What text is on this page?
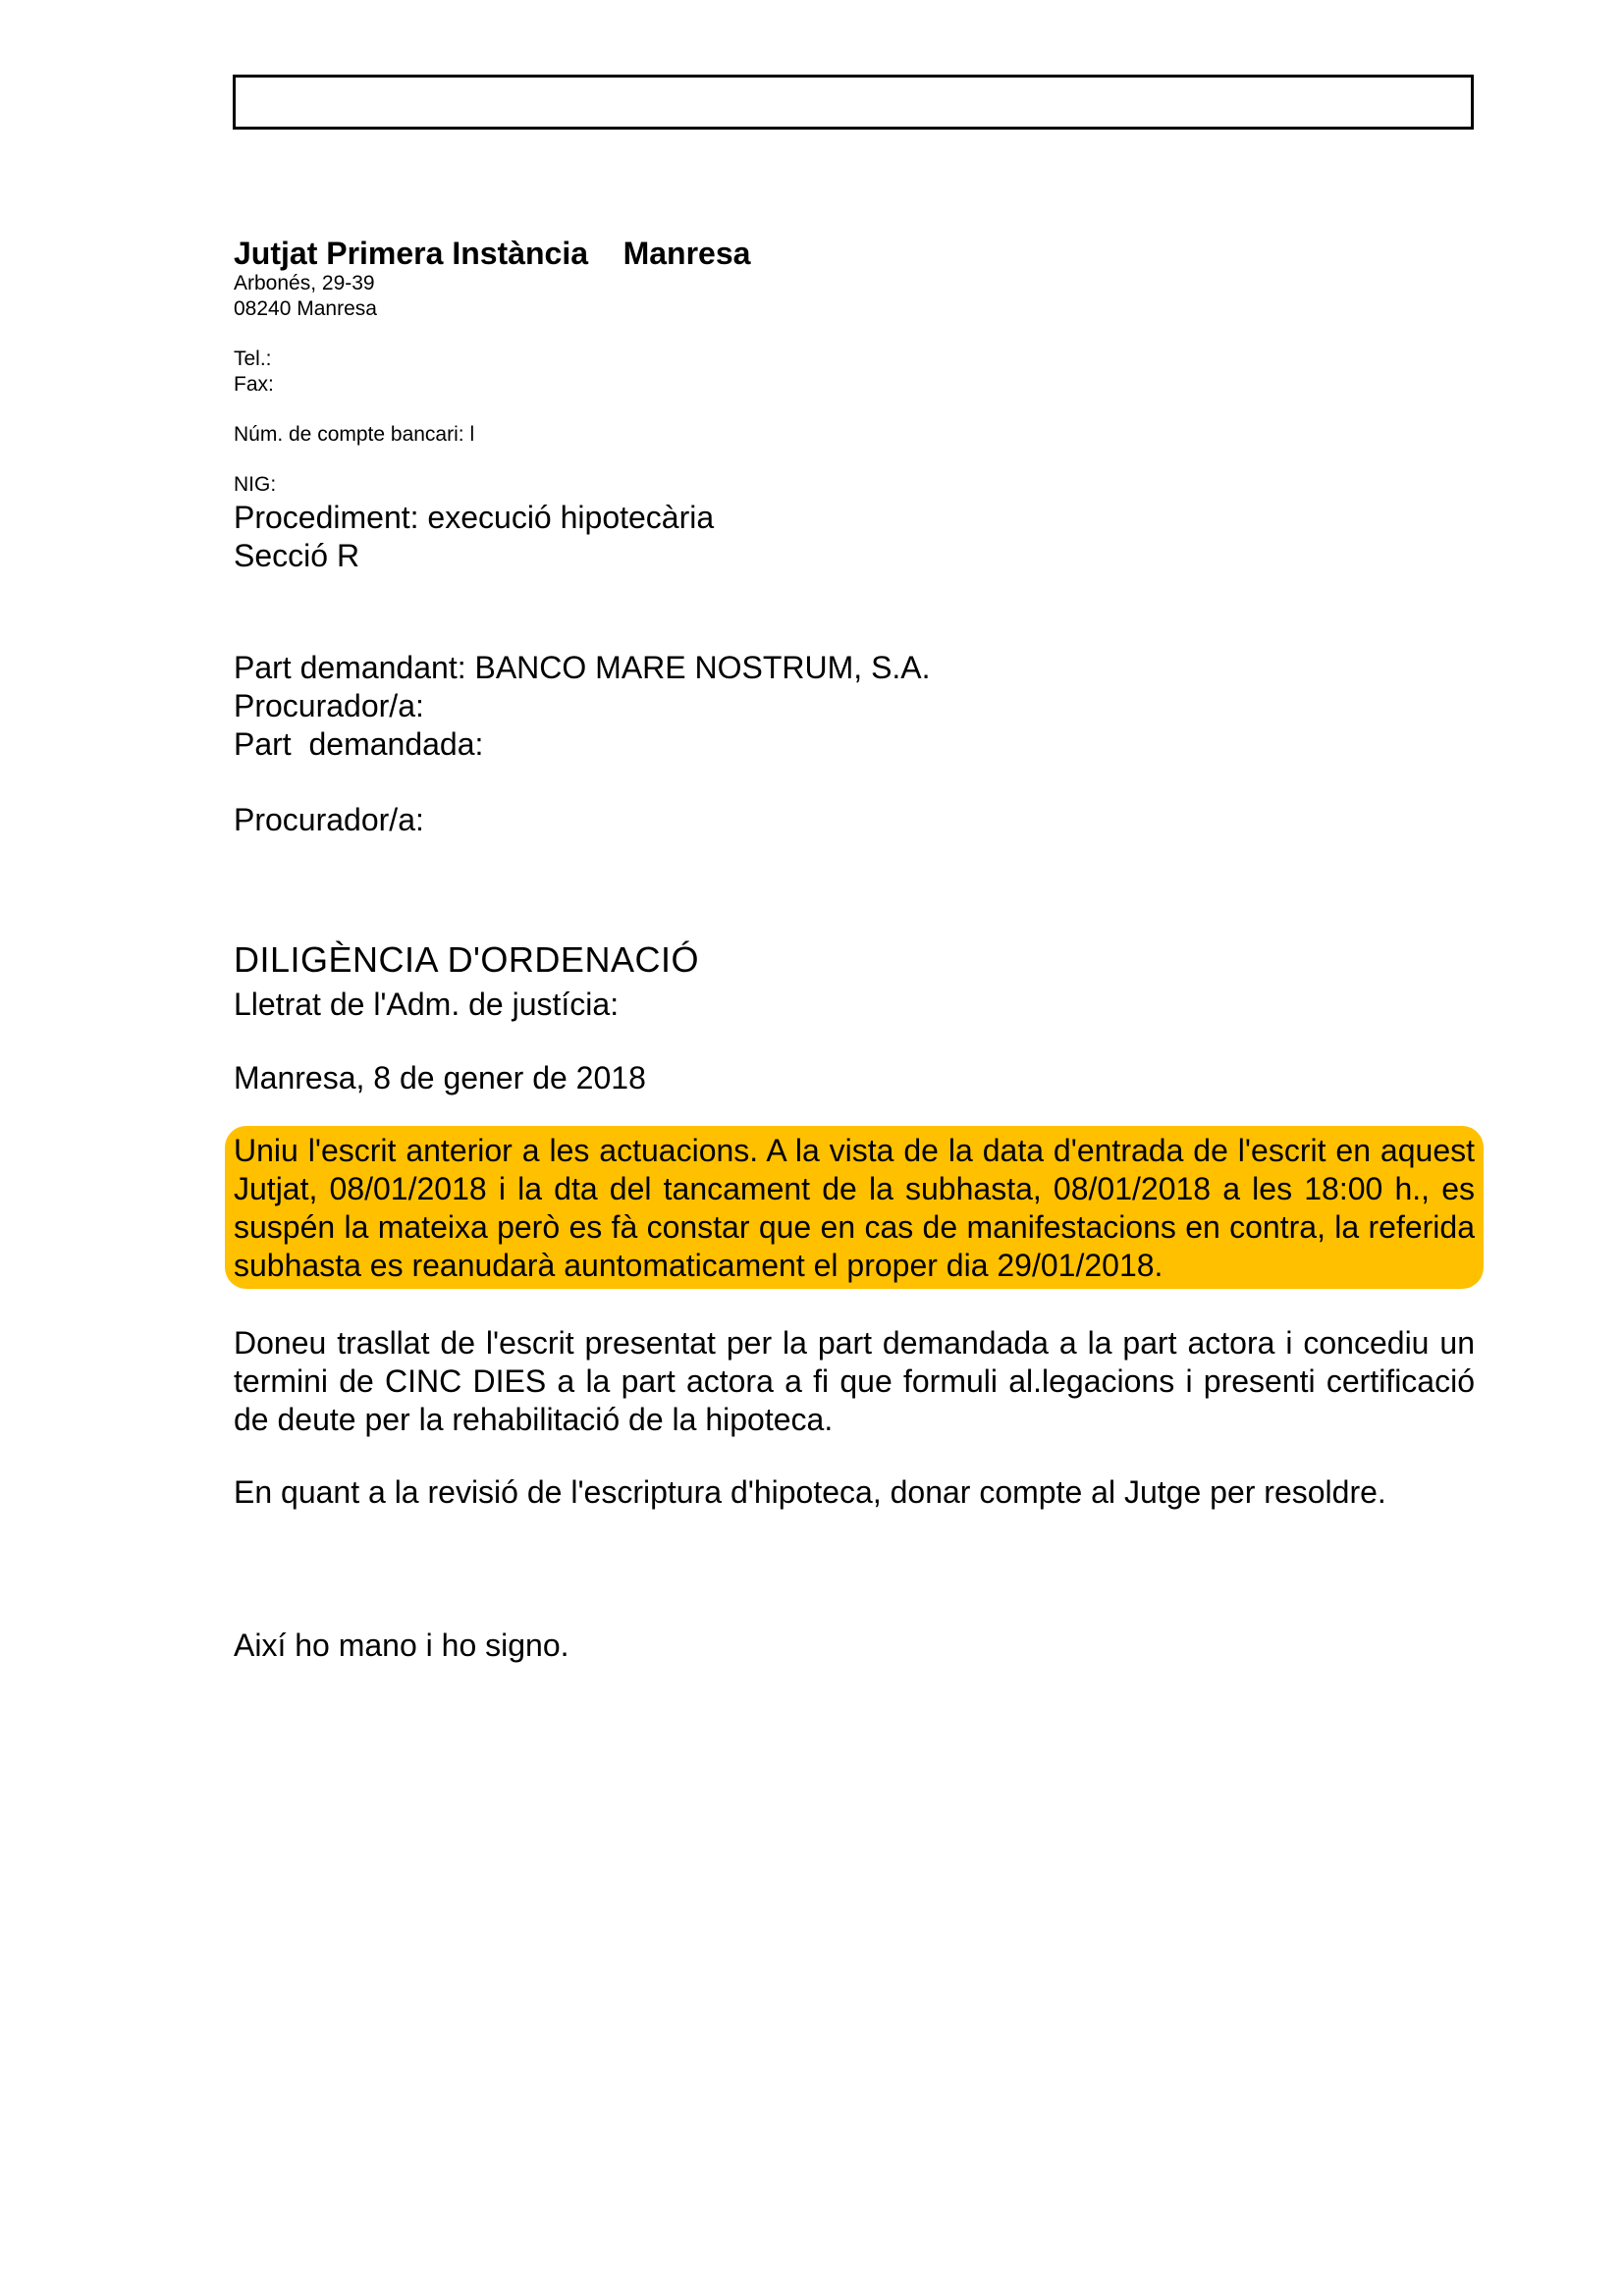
Jutjat Primera Instància    Manresa
Arbonés, 29-39
08240 Manresa
Tel.:
Fax:
Núm. de compte bancari: l
NIG:
Procediment: execució hipotecària
Secció R
Part demandant: BANCO MARE NOSTRUM, S.A.
Procurador/a:
Part  demandada:
Procurador/a:
DILIGÈNCIA D'ORDENACIÓ
Lletrat de l'Adm. de justícia:
Manresa, 8 de gener de 2018
Uniu l'escrit anterior a les actuacions. A la vista de la data d'entrada de l'escrit en aquest Jutjat, 08/01/2018 i la dta del tancament de la subhasta, 08/01/2018 a les 18:00 h., es suspén la mateixa però es fà constar que en cas de manifestacions en contra, la referida subhasta es reanudarà auntomaticament el proper dia 29/01/2018.
Doneu trasllat de l'escrit presentat per la part demandada a la part actora i concediu un termini de CINC DIES a la part actora a fi que formuli al.legacions i presenti certificació de deute per la rehabilitació de la hipoteca.
En quant a la revisió de l'escriptura d'hipoteca, donar compte al Jutge per resoldre.
Així ho mano i ho signo.
